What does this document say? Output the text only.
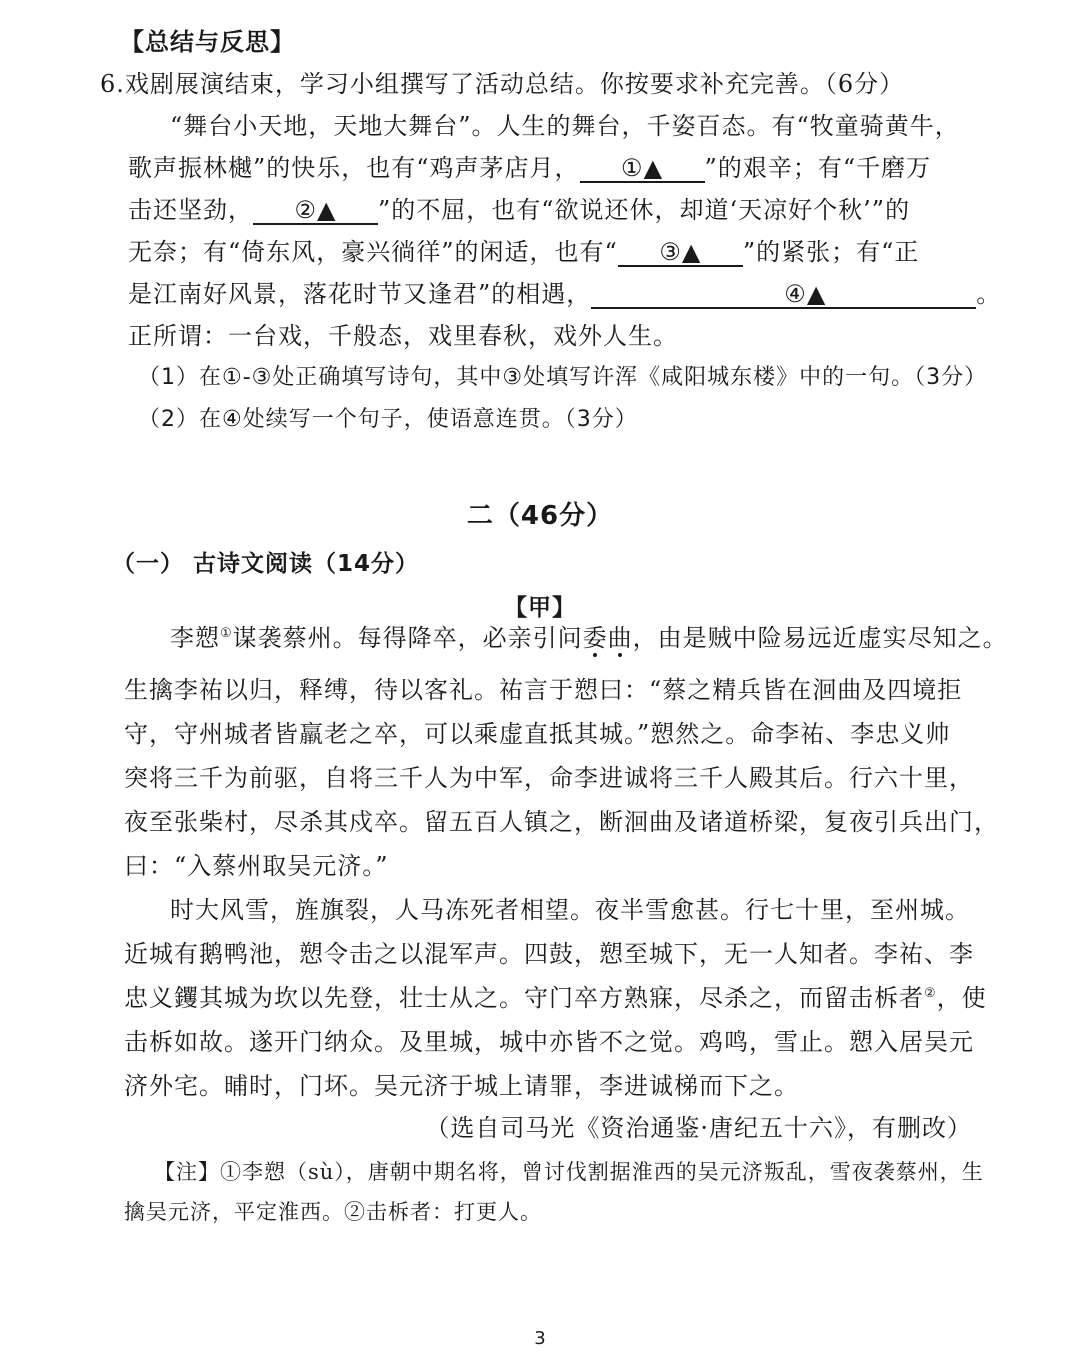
【总结与反思】
6.戏剧展演结束，学习小组撰写了活动总结。你按要求补充完善。（6分）
“舞台小天地，天地大舞台”。人生的舞台，千姿百态。有“牧童骑黄牛，
歌声振林樾”的快乐，也有“鸡声茅店月， ①▲ ”的艰辛；有“千磨万
击还坚劲， ②▲ ”的不屈，也有“欲说还休，却道‘天凉好个秋’”的
无奈；有“倚东风，豪兴徜徉”的闲适，也有“ ③▲ ”的紧张；有“正
是江南好风景，落花时节又逢君”的相遇，	④▲	。
正所谓：一台戏，千般态，戏里春秋，戏外人生。
（1）在①-③处正确填写诗句，其中③处填写许浑《咸阳城东楼》中的一句。（3分）
（2）在④处续写一个句子，使语意连贯。（3分）
二（46分）
（一） 古诗文阅读（14分）
【甲】
李愬①谋袭蔡州。每得降卒，必亲引问委曲，由是贼中险易远近虚实尽知之。
生擒李祐以归，释缚，待以客礼。祐言于愬曰：“蔡之精兵皆在洄曲及四境拒
守，守州城者皆羸老之卒，可以乘虚直抵其城。”愬然之。命李祐、李忠义帅
突将三千为前驱，自将三千人为中军，命李进诚将三千人殿其后。行六十里，
夜至张柴村，尽杀其戍卒。留五百人镇之，断洄曲及诸道桥梁，复夜引兵出门，
曰：“入蔡州取吴元济。”
时大风雪，旌旗裂，人马冻死者相望。夜半雪愈甚。行七十里，至州城。
近城有鹅鸭池，愬令击之以混军声。四鼓，愬至城下，无一人知者。李祐、李
忠义钁其城为坎以先登，壮士从之。守门卒方熟寐，尽杀之，而留击柝者②，使
击柝如故。遂开门纳众。及里城，城中亦皆不之觉。鸡鸣，雪止。愬入居吴元
济外宅。晡时，门坏。吴元济于城上请罪，李进诚梯而下之。
（选自司马光《资治通鉴·唐纪五十六》，有删改）
【注】①李愬（sù），唐朝中期名将，曾讨伐割据淮西的吴元济叛乱，雪夜袭蔡州，生
擒吴元济，平定淮西。②击柝者：打更人。
3
